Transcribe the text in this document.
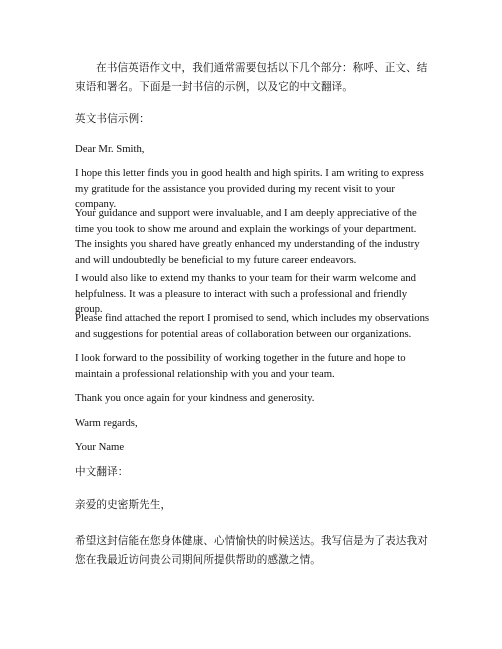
在书信英语作文中，我们通常需要包括以下几个部分：称呼、正文、结束语和署名。下面是一封书信的示例，以及它的中文翻译。

英文书信示例：

Dear Mr. Smith,

I hope this letter finds you in good health and high spirits. I am writing to express my gratitude for the assistance you provided during my recent visit to your company.

Your guidance and support were invaluable, and I am deeply appreciative of the time you took to show me around and explain the workings of your department. The insights you shared have greatly enhanced my understanding of the industry and will undoubtedly be beneficial to my future career endeavors.

I would also like to extend my thanks to your team for their warm welcome and helpfulness. It was a pleasure to interact with such a professional and friendly group.

Please find attached the report I promised to send, which includes my observations and suggestions for potential areas of collaboration between our organizations.

I look forward to the possibility of working together in the future and hope to maintain a professional relationship with you and your team.

Thank you once again for your kindness and generosity.

Warm regards,

Your Name

中文翻译：

亲爱的史密斯先生，

希望这封信能在您身体健康、心情愉快的时候送达。我写信是为了表达我对您在我最近访问贵公司期间所提供帮助的感激之情。
